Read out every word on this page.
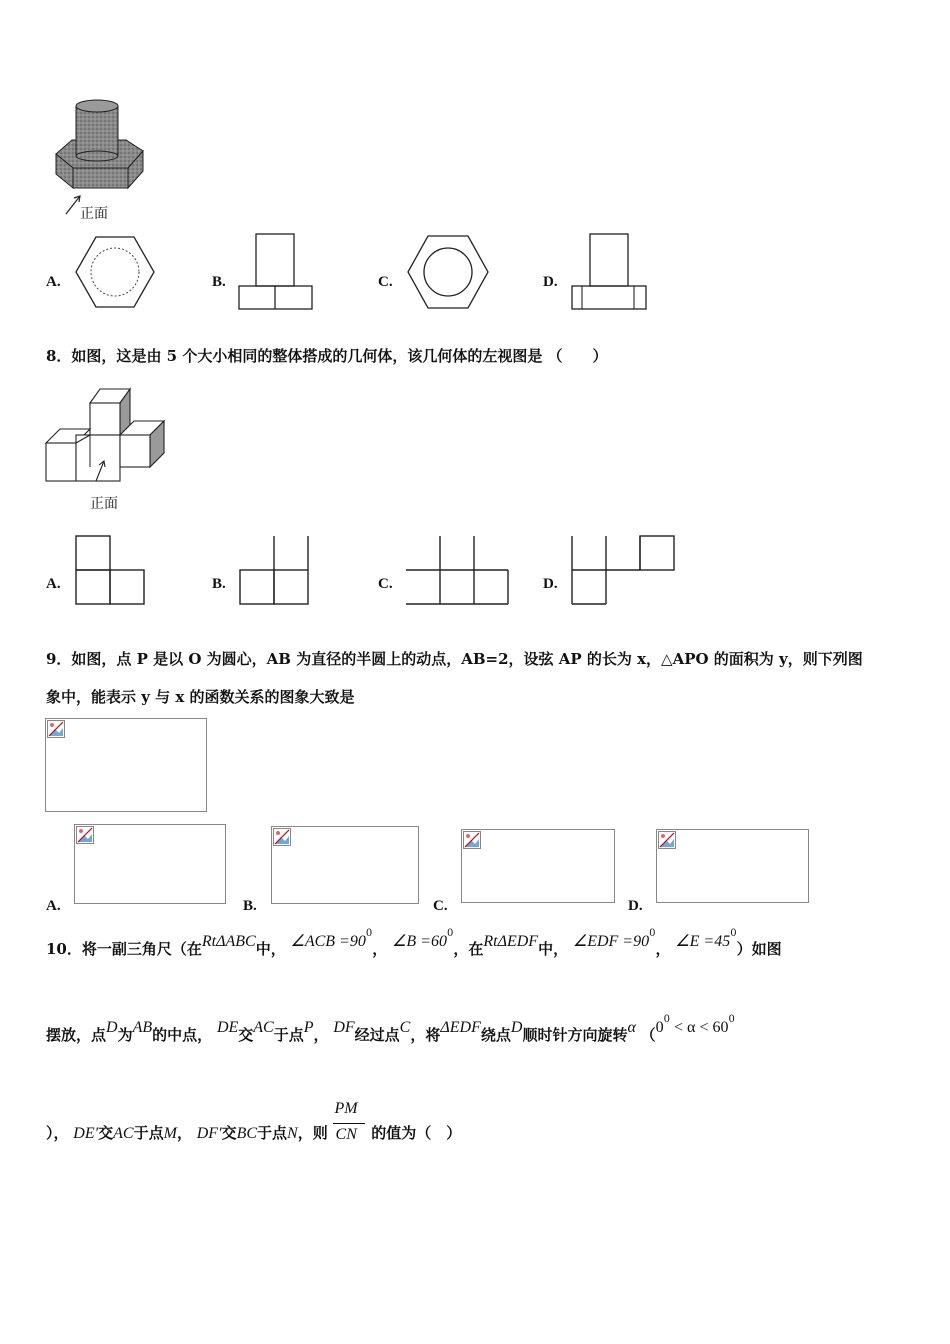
正面
A.	B.	C.	D.
8．如图，这是由 5 个大小相同的整体搭成的几何体，该几何体的左视图是 （　　）
正面
A.	B.	C.	D.
9．如图，点 P 是以 O 为圆心，AB 为直径的半圆上的动点，AB=2，设弦 AP 的长为 x，△APO 的面积为 y，则下列图
象中，能表示 y 与 x 的函数关系的图象大致是
A.	B.	C.	D.
10．将一副三角尺（在RtΔABC中， ∠ACB $=90^0$， ∠B $=60^0$，在RtΔEDF中， ∠EDF $=90^0$， ∠E $=45^0$）如图
摆放，点D为AB的中点， DE交AC于点P， DF经过点C，将ΔEDF绕点D顺时针方向旋转α （$0^0 < \alpha < 60^0$
）， DE′交AC于点M， DF′交BC于点N，则 $\frac{PM}{CN}$ 的值为（　）
